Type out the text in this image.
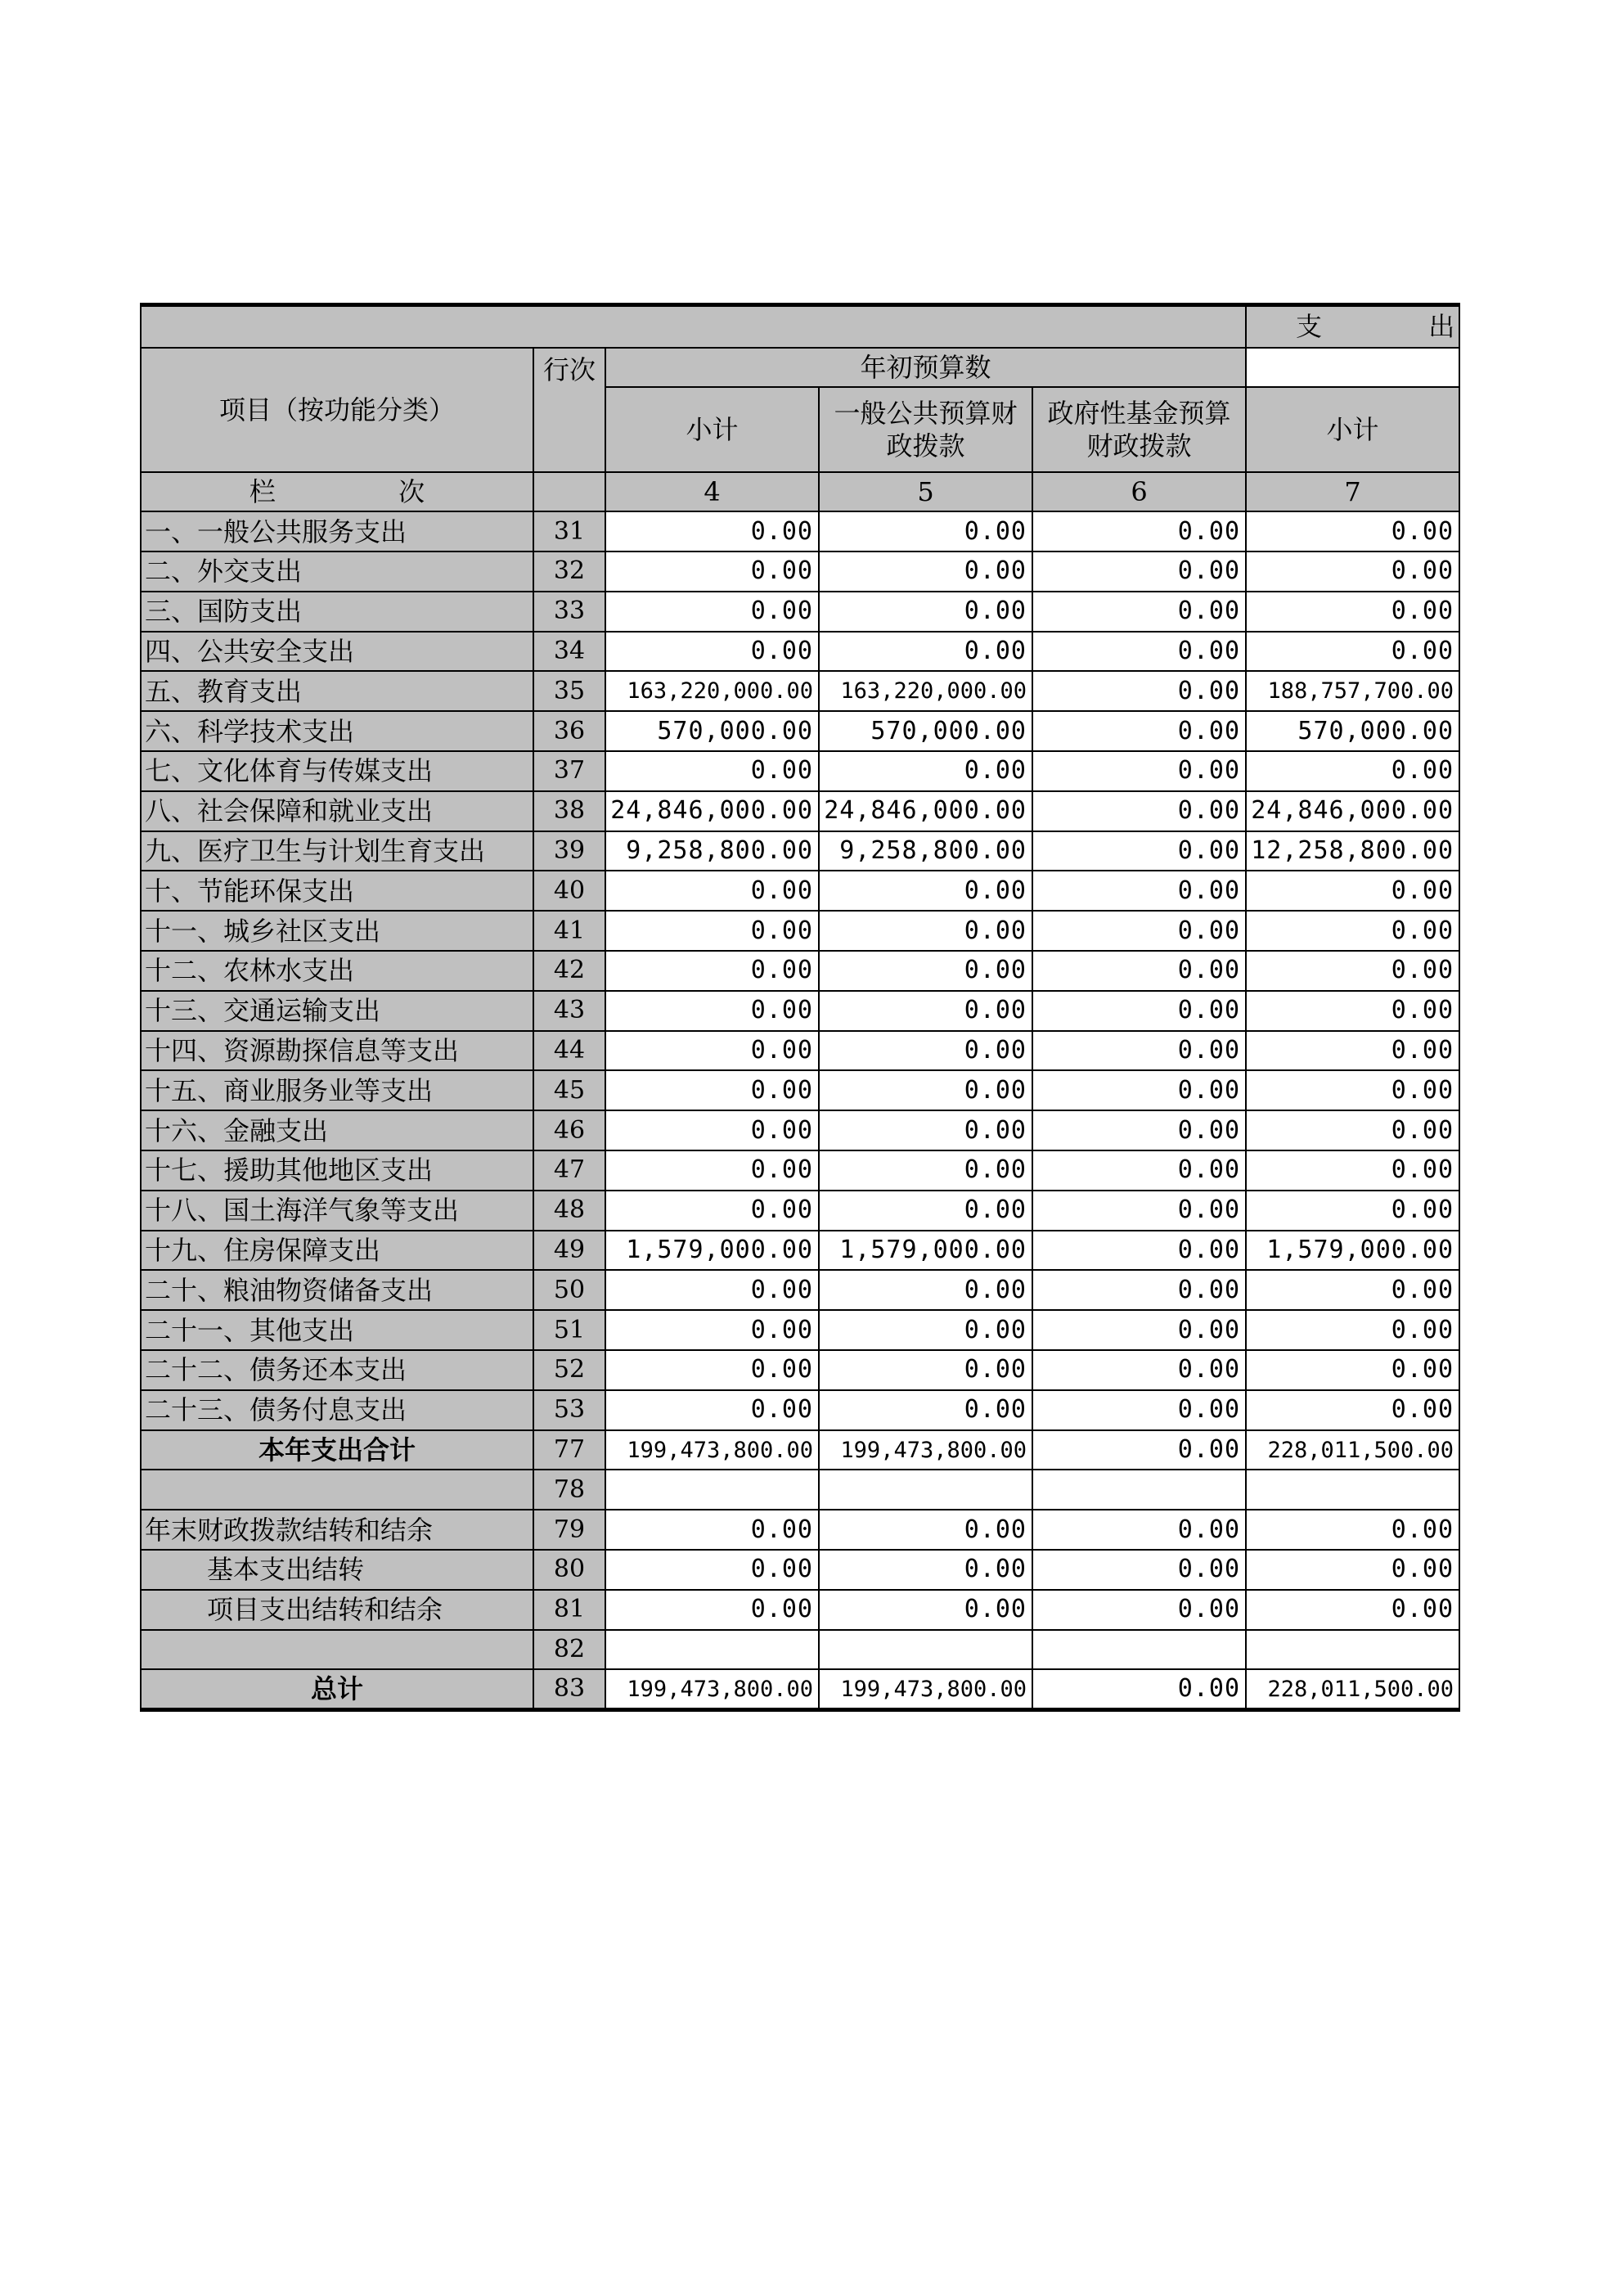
					支 出
项目（按功能分类）	行次	年初预算数			
		小计	一般公共预算财政拨款	政府性基金预算财政拨款	小计
栏 次		4	5	6	7
一、一般公共服务支出	31	0.00	0.00	0.00	0.00
二、外交支出	32	0.00	0.00	0.00	0.00
三、国防支出	33	0.00	0.00	0.00	0.00
四、公共安全支出	34	0.00	0.00	0.00	0.00
五、教育支出	35	163,220,000.00	163,220,000.00	0.00	188,757,700.00
六、科学技术支出	36	570,000.00	570,000.00	0.00	570,000.00
七、文化体育与传媒支出	37	0.00	0.00	0.00	0.00
八、社会保障和就业支出	38	24,846,000.00	24,846,000.00	0.00	24,846,000.00
九、医疗卫生与计划生育支出	39	9,258,800.00	9,258,800.00	0.00	12,258,800.00
十、节能环保支出	40	0.00	0.00	0.00	0.00
十一、城乡社区支出	41	0.00	0.00	0.00	0.00
十二、农林水支出	42	0.00	0.00	0.00	0.00
十三、交通运输支出	43	0.00	0.00	0.00	0.00
十四、资源勘探信息等支出	44	0.00	0.00	0.00	0.00
十五、商业服务业等支出	45	0.00	0.00	0.00	0.00
十六、金融支出	46	0.00	0.00	0.00	0.00
十七、援助其他地区支出	47	0.00	0.00	0.00	0.00
十八、国土海洋气象等支出	48	0.00	0.00	0.00	0.00
十九、住房保障支出	49	1,579,000.00	1,579,000.00	0.00	1,579,000.00
二十、粮油物资储备支出	50	0.00	0.00	0.00	0.00
二十一、其他支出	51	0.00	0.00	0.00	0.00
二十二、债务还本支出	52	0.00	0.00	0.00	0.00
二十三、债务付息支出	53	0.00	0.00	0.00	0.00
本年支出合计	77	199,473,800.00	199,473,800.00	0.00	228,011,500.00
	78				
年末财政拨款结转和结余	79	0.00	0.00	0.00	0.00
基本支出结转	80	0.00	0.00	0.00	0.00
项目支出结转和结余	81	0.00	0.00	0.00	0.00
	82				
总计	83	199,473,800.00	199,473,800.00	0.00	228,011,500.00
